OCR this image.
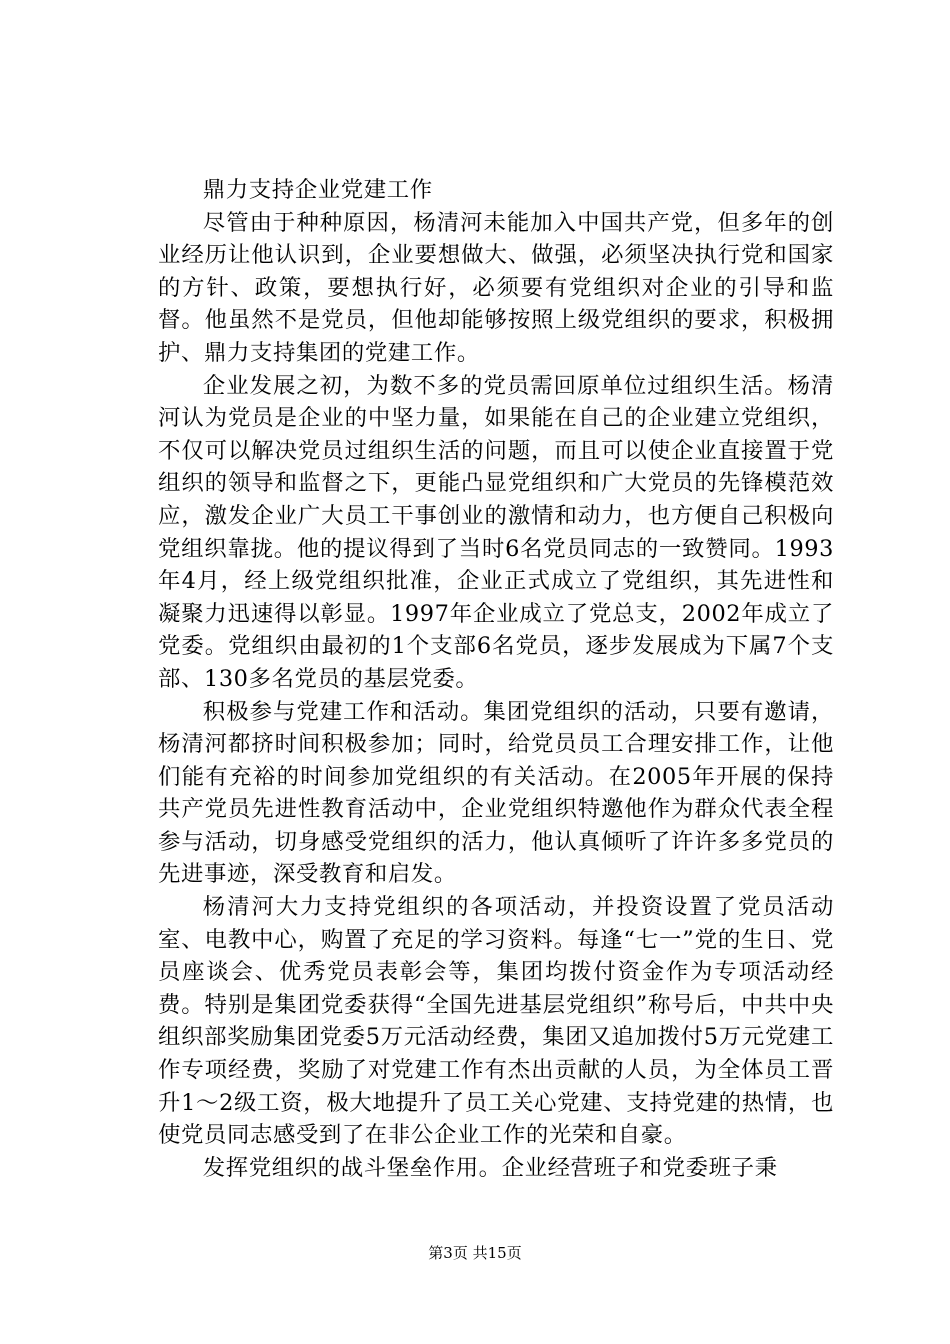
鼎力支持企业党建工作

尽管由于种种原因，杨清河未能加入中国共产党，但多年的创业经历让他认识到，企业要想做大、做强，必须坚决执行党和国家的方针、政策，要想执行好，必须要有党组织对企业的引导和监督。他虽然不是党员，但他却能够按照上级党组织的要求，积极拥护、鼎力支持集团的党建工作。

企业发展之初，为数不多的党员需回原单位过组织生活。杨清河认为党员是企业的中坚力量，如果能在自己的企业建立党组织，不仅可以解决党员过组织生活的问题，而且可以使企业直接置于党组织的领导和监督之下，更能凸显党组织和广大党员的先锋模范效应，激发企业广大员工干事创业的激情和动力，也方便自己积极向党组织靠拢。他的提议得到了当时6名党员同志的一致赞同。1993年4月，经上级党组织批准，企业正式成立了党组织，其先进性和凝聚力迅速得以彰显。1997年企业成立了党总支，2002年成立了党委。党组织由最初的1个支部6名党员，逐步发展成为下属7个支部、130多名党员的基层党委。

积极参与党建工作和活动。集团党组织的活动，只要有邀请，杨清河都挤时间积极参加；同时，给党员员工合理安排工作，让他们能有充裕的时间参加党组织的有关活动。在2005年开展的保持共产党员先进性教育活动中，企业党组织特邀他作为群众代表全程参与活动，切身感受党组织的活力，他认真倾听了许许多多党员的先进事迹，深受教育和启发。

杨清河大力支持党组织的各项活动，并投资设置了党员活动室、电教中心，购置了充足的学习资料。每逢“七一”党的生日、党员座谈会、优秀党员表彰会等，集团均拨付资金作为专项活动经费。特别是集团党委获得“全国先进基层党组织”称号后，中共中央组织部奖励集团党委5万元活动经费，集团又追加拨付5万元党建工作专项经费，奖励了对党建工作有杰出贡献的人员，为全体员工晋升1～2级工资，极大地提升了员工关心党建、支持党建的热情，也使党员同志感受到了在非公企业工作的光荣和自豪。

发挥党组织的战斗堡垒作用。企业经营班子和党委班子秉

第3页 共15页
